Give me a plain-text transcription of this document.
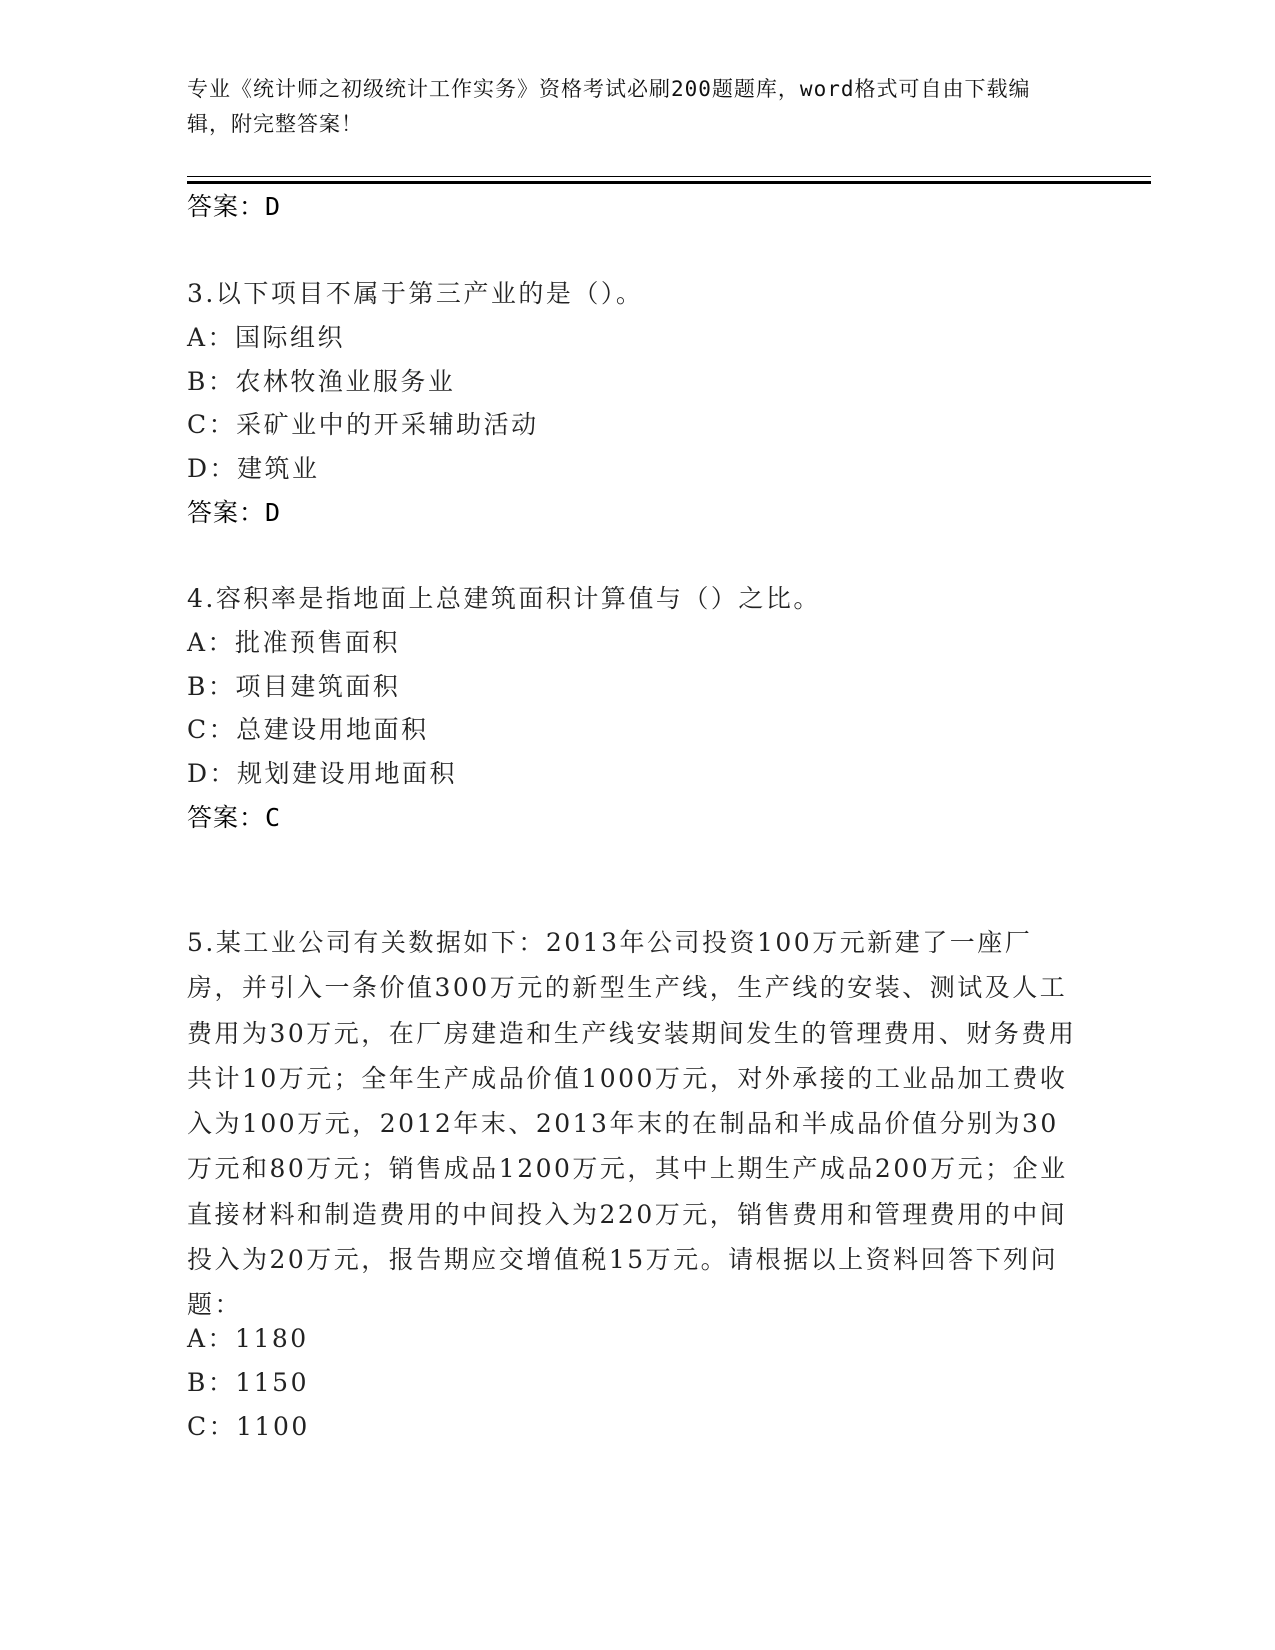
专业《统计师之初级统计工作实务》资格考试必刷200题题库，word格式可自由下载编辑，附完整答案！
答案：D
3.以下项目不属于第三产业的是（）。
A：国际组织
B：农林牧渔业服务业
C：采矿业中的开采辅助活动
D：建筑业
答案：D
4.容积率是指地面上总建筑面积计算值与（）之比。
A：批准预售面积
B：项目建筑面积
C：总建设用地面积
D：规划建设用地面积
答案：C
5.某工业公司有关数据如下：2013年公司投资100万元新建了一座厂房，并引入一条价值300万元的新型生产线，生产线的安装、测试及人工费用为30万元，在厂房建造和生产线安装期间发生的管理费用、财务费用共计10万元；全年生产成品价值1000万元，对外承接的工业品加工费收入为100万元，2012年末、2013年末的在制品和半成品价值分别为30万元和80万元；销售成品1200万元，其中上期生产成品200万元；企业直接材料和制造费用的中间投入为220万元，销售费用和管理费用的中间投入为20万元，报告期应交增值税15万元。请根据以上资料回答下列问题：
A：1180
B：1150
C：1100
